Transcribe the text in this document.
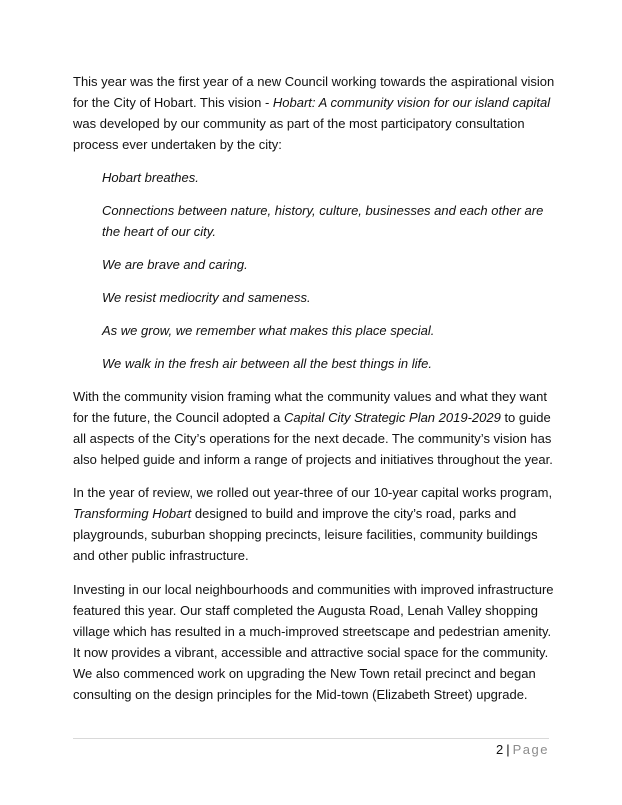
This year was the first year of a new Council working towards the aspirational vision for the City of Hobart. This vision - Hobart: A community vision for our island capital was developed by our community as part of the most participatory consultation process ever undertaken by the city:

Hobart breathes.

Connections between nature, history, culture, businesses and each other are the heart of our city.

We are brave and caring.

We resist mediocrity and sameness.

As we grow, we remember what makes this place special.

We walk in the fresh air between all the best things in life.

With the community vision framing what the community values and what they want for the future, the Council adopted a Capital City Strategic Plan 2019-2029 to guide all aspects of the City’s operations for the next decade. The community’s vision has also helped guide and inform a range of projects and initiatives throughout the year.

In the year of review, we rolled out year-three of our 10-year capital works program, Transforming Hobart designed to build and improve the city’s road, parks and playgrounds, suburban shopping precincts, leisure facilities, community buildings and other public infrastructure.

Investing in our local neighbourhoods and communities with improved infrastructure featured this year. Our staff completed the Augusta Road, Lenah Valley shopping village which has resulted in a much-improved streetscape and pedestrian amenity. It now provides a vibrant, accessible and attractive social space for the community. We also commenced work on upgrading the New Town retail precinct and began consulting on the design principles for the Mid-town (Elizabeth Street) upgrade.

2 | Page
